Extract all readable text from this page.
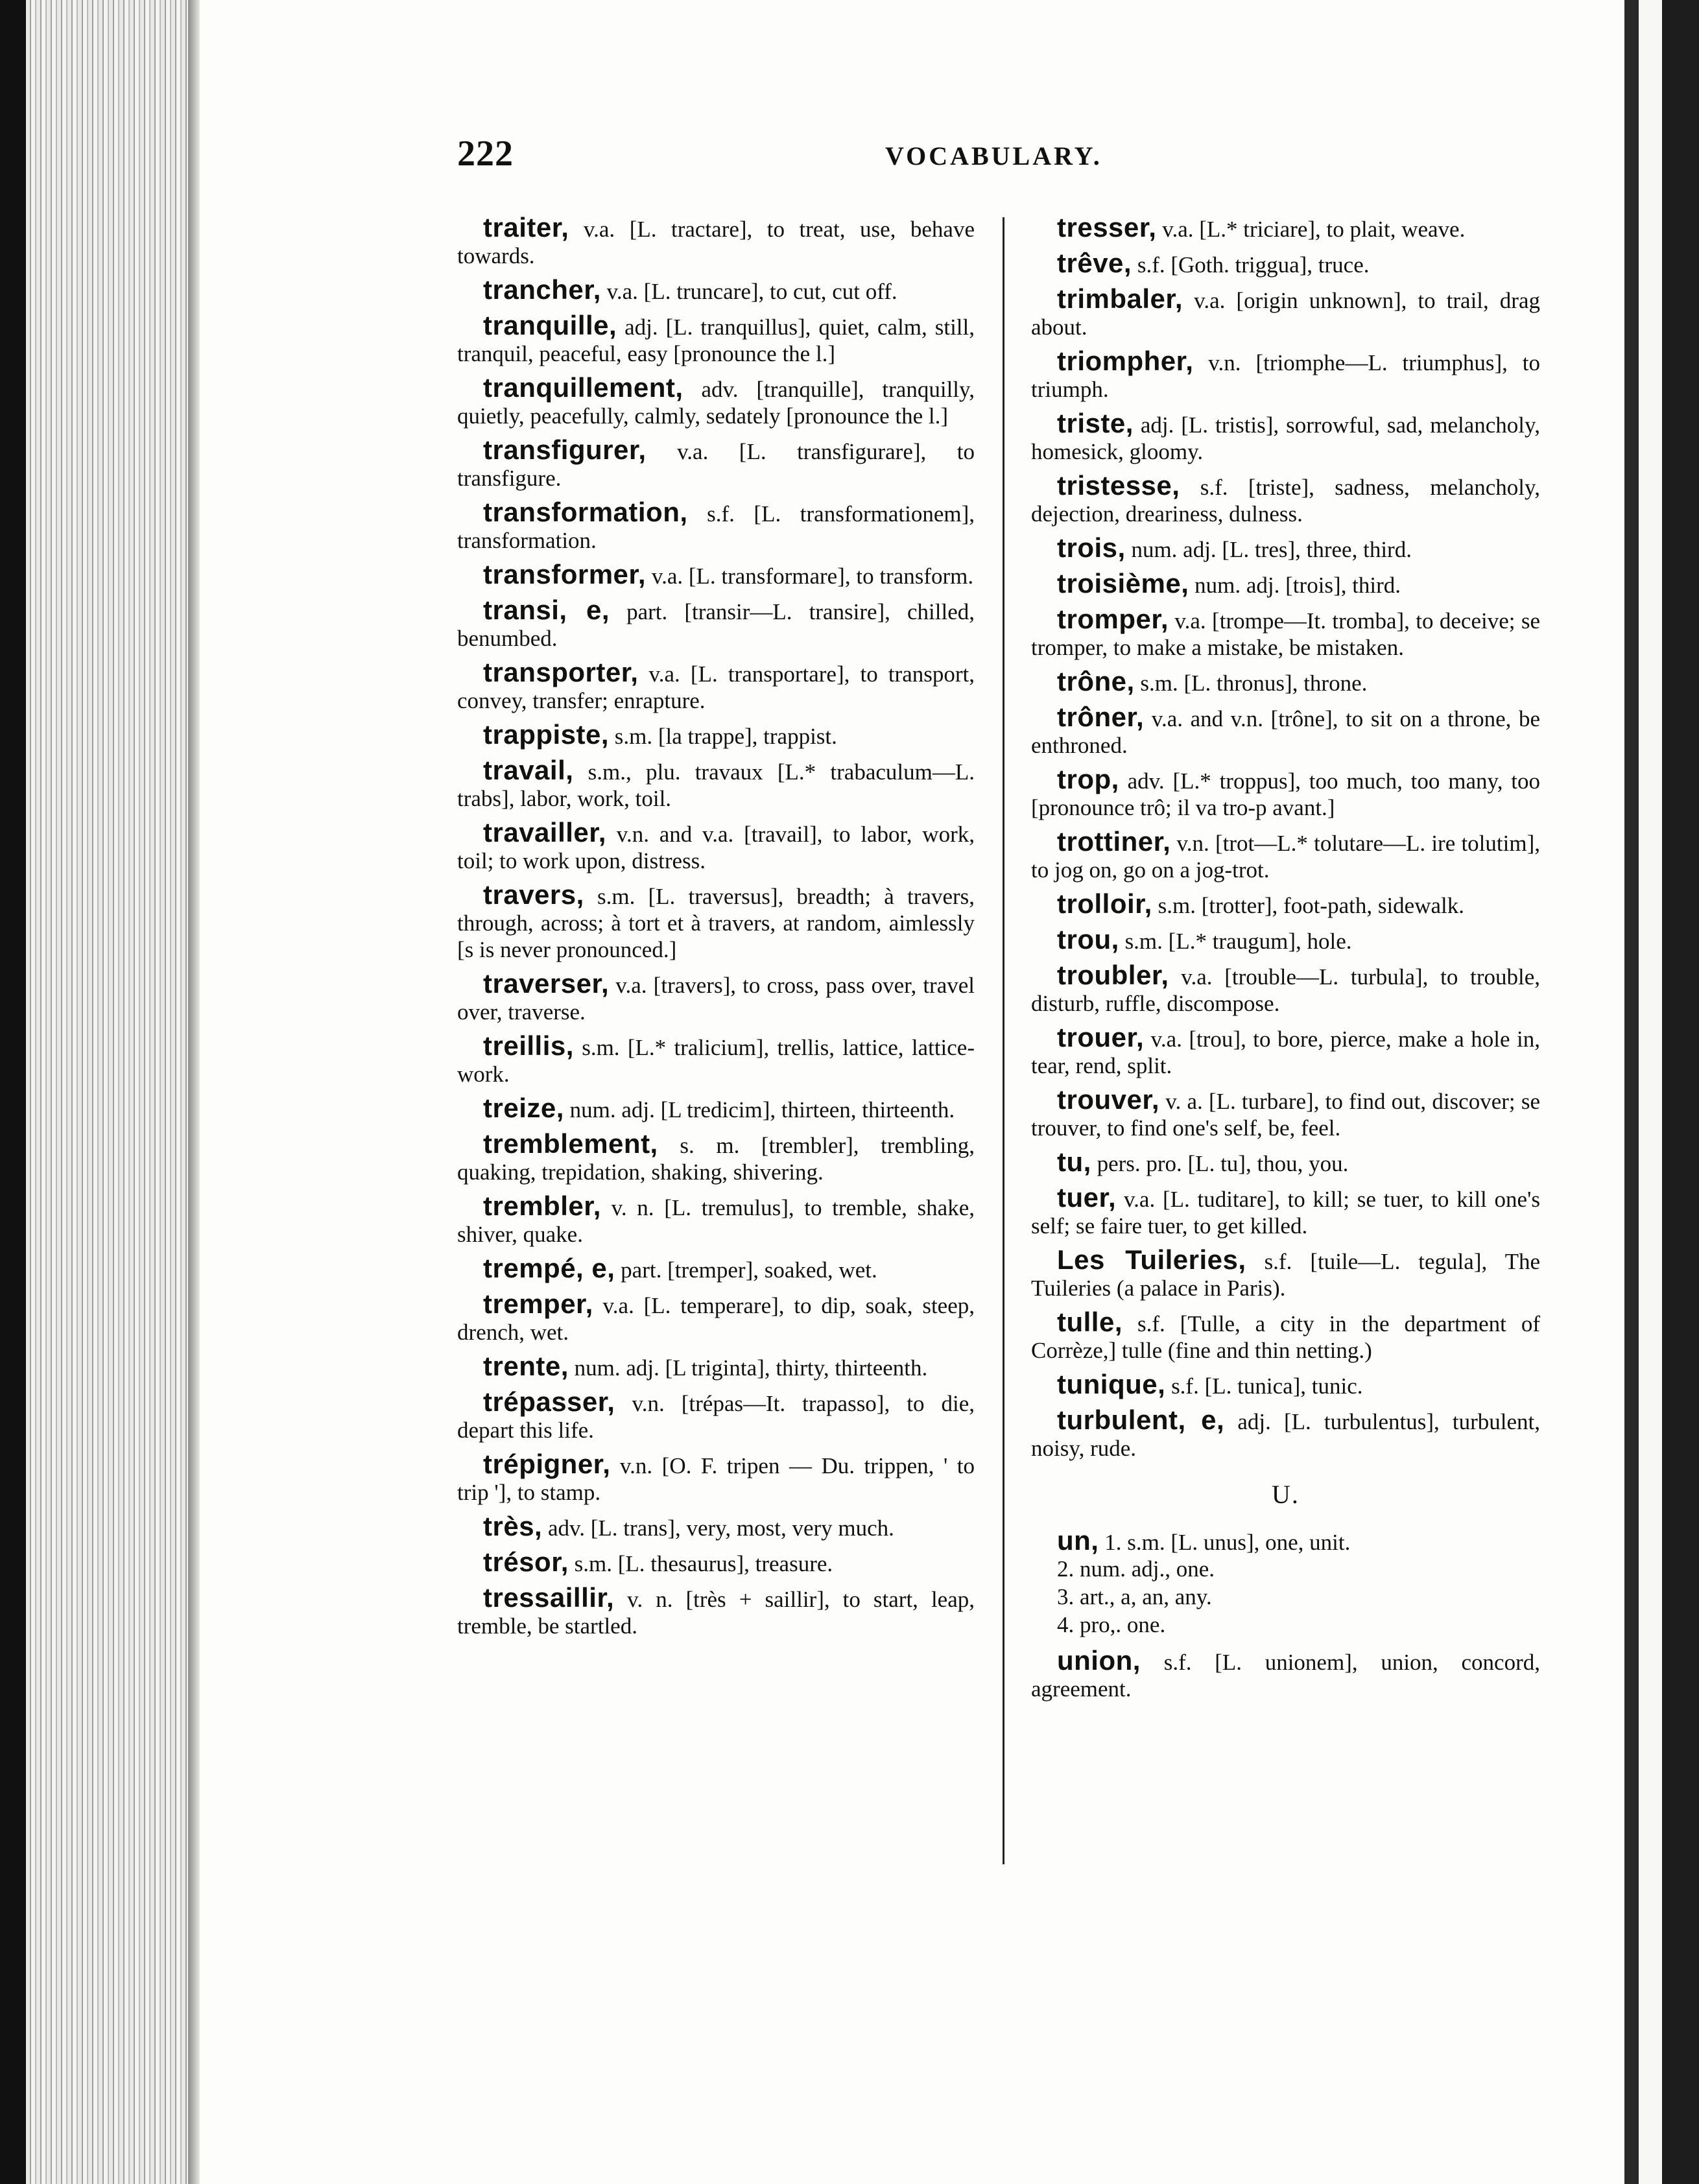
222	VOCABULARY.
traiter, v.a. [L. tractare], to treat, use, behave towards.
trancher, v.a. [L. truncare], to cut, cut off.
tranquille, adj. [L. tranquillus], quiet, calm, still, tranquil, peaceful, easy [pronounce the l.]
tranquillement, adv. [tranquille], tranquilly, quietly, peacefully, calmly, sedately [pronounce the l.]
transfigurer, v.a. [L. transfigurare], to transfigure.
transformation, s.f. [L. transformationem], transformation.
transformer, v.a. [L. transformare], to transform.
transi, e, part. [transir—L. transire], chilled, benumbed.
transporter, v.a. [L. transportare], to transport, convey, transfer; enrapture.
trappiste, s.m. [la trappe], trappist.
travail, s.m., plu. travaux [L.* trabaculum—L. trabs], labor, work, toil.
travailler, v.n. and v.a. [travail], to labor, work, toil; to work upon, distress.
travers, s.m. [L. traversus], breadth; à travers, through, across; à tort et à travers, at random, aimlessly [s is never pronounced.]
traverser, v.a. [travers], to cross, pass over, travel over, traverse.
treillis, s.m. [L.* tralicium], trellis, lattice, lattice-work.
treize, num. adj. [L tredicim], thirteen, thirteenth.
tremblement, s. m. [trembler], trembling, quaking, trepidation, shaking, shivering.
trembler, v. n. [L. tremulus], to tremble, shake, shiver, quake.
trempé, e, part. [tremper], soaked, wet.
tremper, v.a. [L. temperare], to dip, soak, steep, drench, wet.
trente, num. adj. [L triginta], thirty, thirteenth.
trépasser, v.n. [trépas—It. trapasso], to die, depart this life.
trépigner, v.n. [O. F. tripen — Du. trippen, ' to trip '], to stamp.
très, adv. [L. trans], very, most, very much.
trésor, s.m. [L. thesaurus], treasure.
tressaillir, v. n. [très + saillir], to start, leap, tremble, be startled.
tresser, v.a. [L.* triciare], to plait, weave.
trêve, s.f. [Goth. triggua], truce.
trimbaler, v.a. [origin unknown], to trail, drag about.
triompher, v.n. [triomphe—L. triumphus], to triumph.
triste, adj. [L. tristis], sorrowful, sad, melancholy, homesick, gloomy.
tristesse, s.f. [triste], sadness, melancholy, dejection, dreariness, dulness.
trois, num. adj. [L. tres], three, third.
troisième, num. adj. [trois], third.
tromper, v.a. [trompe—It. tromba], to deceive; se tromper, to make a mistake, be mistaken.
trône, s.m. [L. thronus], throne.
trôner, v.a. and v.n. [trône], to sit on a throne, be enthroned.
trop, adv. [L.* troppus], too much, too many, too [pronounce trô; il va tro-p avant.]
trottiner, v.n. [trot—L.* tolutare—L. ire tolutim], to jog on, go on a jog-trot.
trolloir, s.m. [trotter], foot-path, sidewalk.
trou, s.m. [L.* traugum], hole.
troubler, v.a. [trouble—L. turbula], to trouble, disturb, ruffle, discompose.
trouer, v.a. [trou], to bore, pierce, make a hole in, tear, rend, split.
trouver, v. a. [L. turbare], to find out, discover; se trouver, to find one's self, be, feel.
tu, pers. pro. [L. tu], thou, you.
tuer, v.a. [L. tuditare], to kill; se tuer, to kill one's self; se faire tuer, to get killed.
Les Tuileries, s.f. [tuile—L. tegula], The Tuileries (a palace in Paris).
tulle, s.f. [Tulle, a city in the department of Corrèze,] tulle (fine and thin netting.)
tunique, s.f. [L. tunica], tunic.
turbulent, e, adj. [L. turbulentus], turbulent, noisy, rude.
U.
un, 1. s.m. [L. unus], one, unit.
2. num. adj., one.
3. art., a, an, any.
4. pro,. one.
union, s.f. [L. unionem], union, concord, agreement.
